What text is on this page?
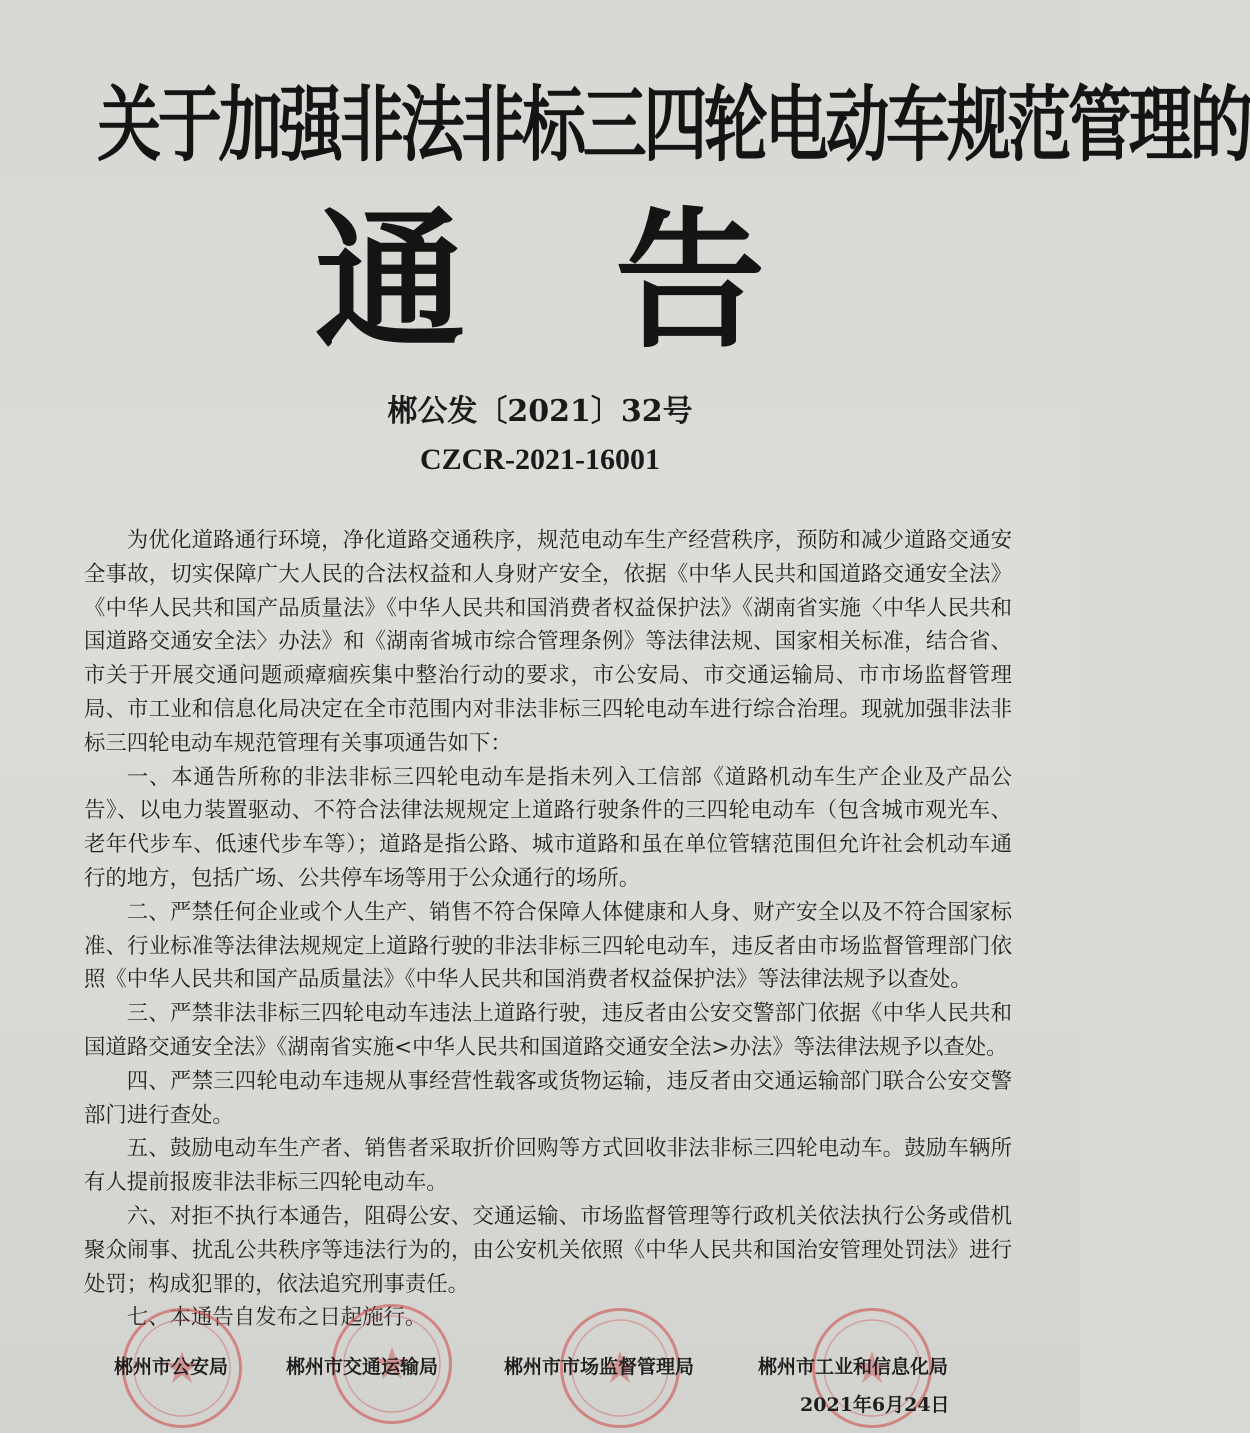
关于加强非法非标三四轮电动车规范管理的
通告
郴公发〔2021〕32号
CZCR-2021-16001

为优化道路通行环境，净化道路交通秩序，规范电动车生产经营秩序，预防和减少道路交通安全事故，切实保障广大人民的合法权益和人身财产安全，依据《中华人民共和国道路交通安全法》《中华人民共和国产品质量法》《中华人民共和国消费者权益保护法》《湖南省实施〈中华人民共和国道路交通安全法〉办法》和《湖南省城市综合管理条例》等法律法规、国家相关标准，结合省、市关于开展交通问题顽瘴痼疾集中整治行动的要求，市公安局、市交通运输局、市市场监督管理局、市工业和信息化局决定在全市范围内对非法非标三四轮电动车进行综合治理。现就加强非法非标三四轮电动车规范管理有关事项通告如下：

一、本通告所称的非法非标三四轮电动车是指未列入工信部《道路机动车生产企业及产品公告》、以电力装置驱动、不符合法律法规规定上道路行驶条件的三四轮电动车（包含城市观光车、老年代步车、低速代步车等）；道路是指公路、城市道路和虽在单位管辖范围但允许社会机动车通行的地方，包括广场、公共停车场等用于公众通行的场所。

二、严禁任何企业或个人生产、销售不符合保障人体健康和人身、财产安全以及不符合国家标准、行业标准等法律法规规定上道路行驶的非法非标三四轮电动车，违反者由市场监督管理部门依照《中华人民共和国产品质量法》《中华人民共和国消费者权益保护法》等法律法规予以查处。

三、严禁非法非标三四轮电动车违法上道路行驶，违反者由公安交警部门依据《中华人民共和国道路交通安全法》《湖南省实施<中华人民共和国道路交通安全法>办法》等法律法规予以查处。

四、严禁三四轮电动车违规从事经营性载客或货物运输，违反者由交通运输部门联合公安交警部门进行查处。

五、鼓励电动车生产者、销售者采取折价回购等方式回收非法非标三四轮电动车。鼓励车辆所有人提前报废非法非标三四轮电动车。

六、对拒不执行本通告，阻碍公安、交通运输、市场监督管理等行政机关依法执行公务或借机聚众闹事、扰乱公共秩序等违法行为的，由公安机关依照《中华人民共和国治安管理处罚法》进行处罚；构成犯罪的，依法追究刑事责任。

七、本通告自发布之日起施行。

郴州市公安局	郴州市交通运输局	郴州市市场监督管理局	郴州市工业和信息化局
2021年6月24日
